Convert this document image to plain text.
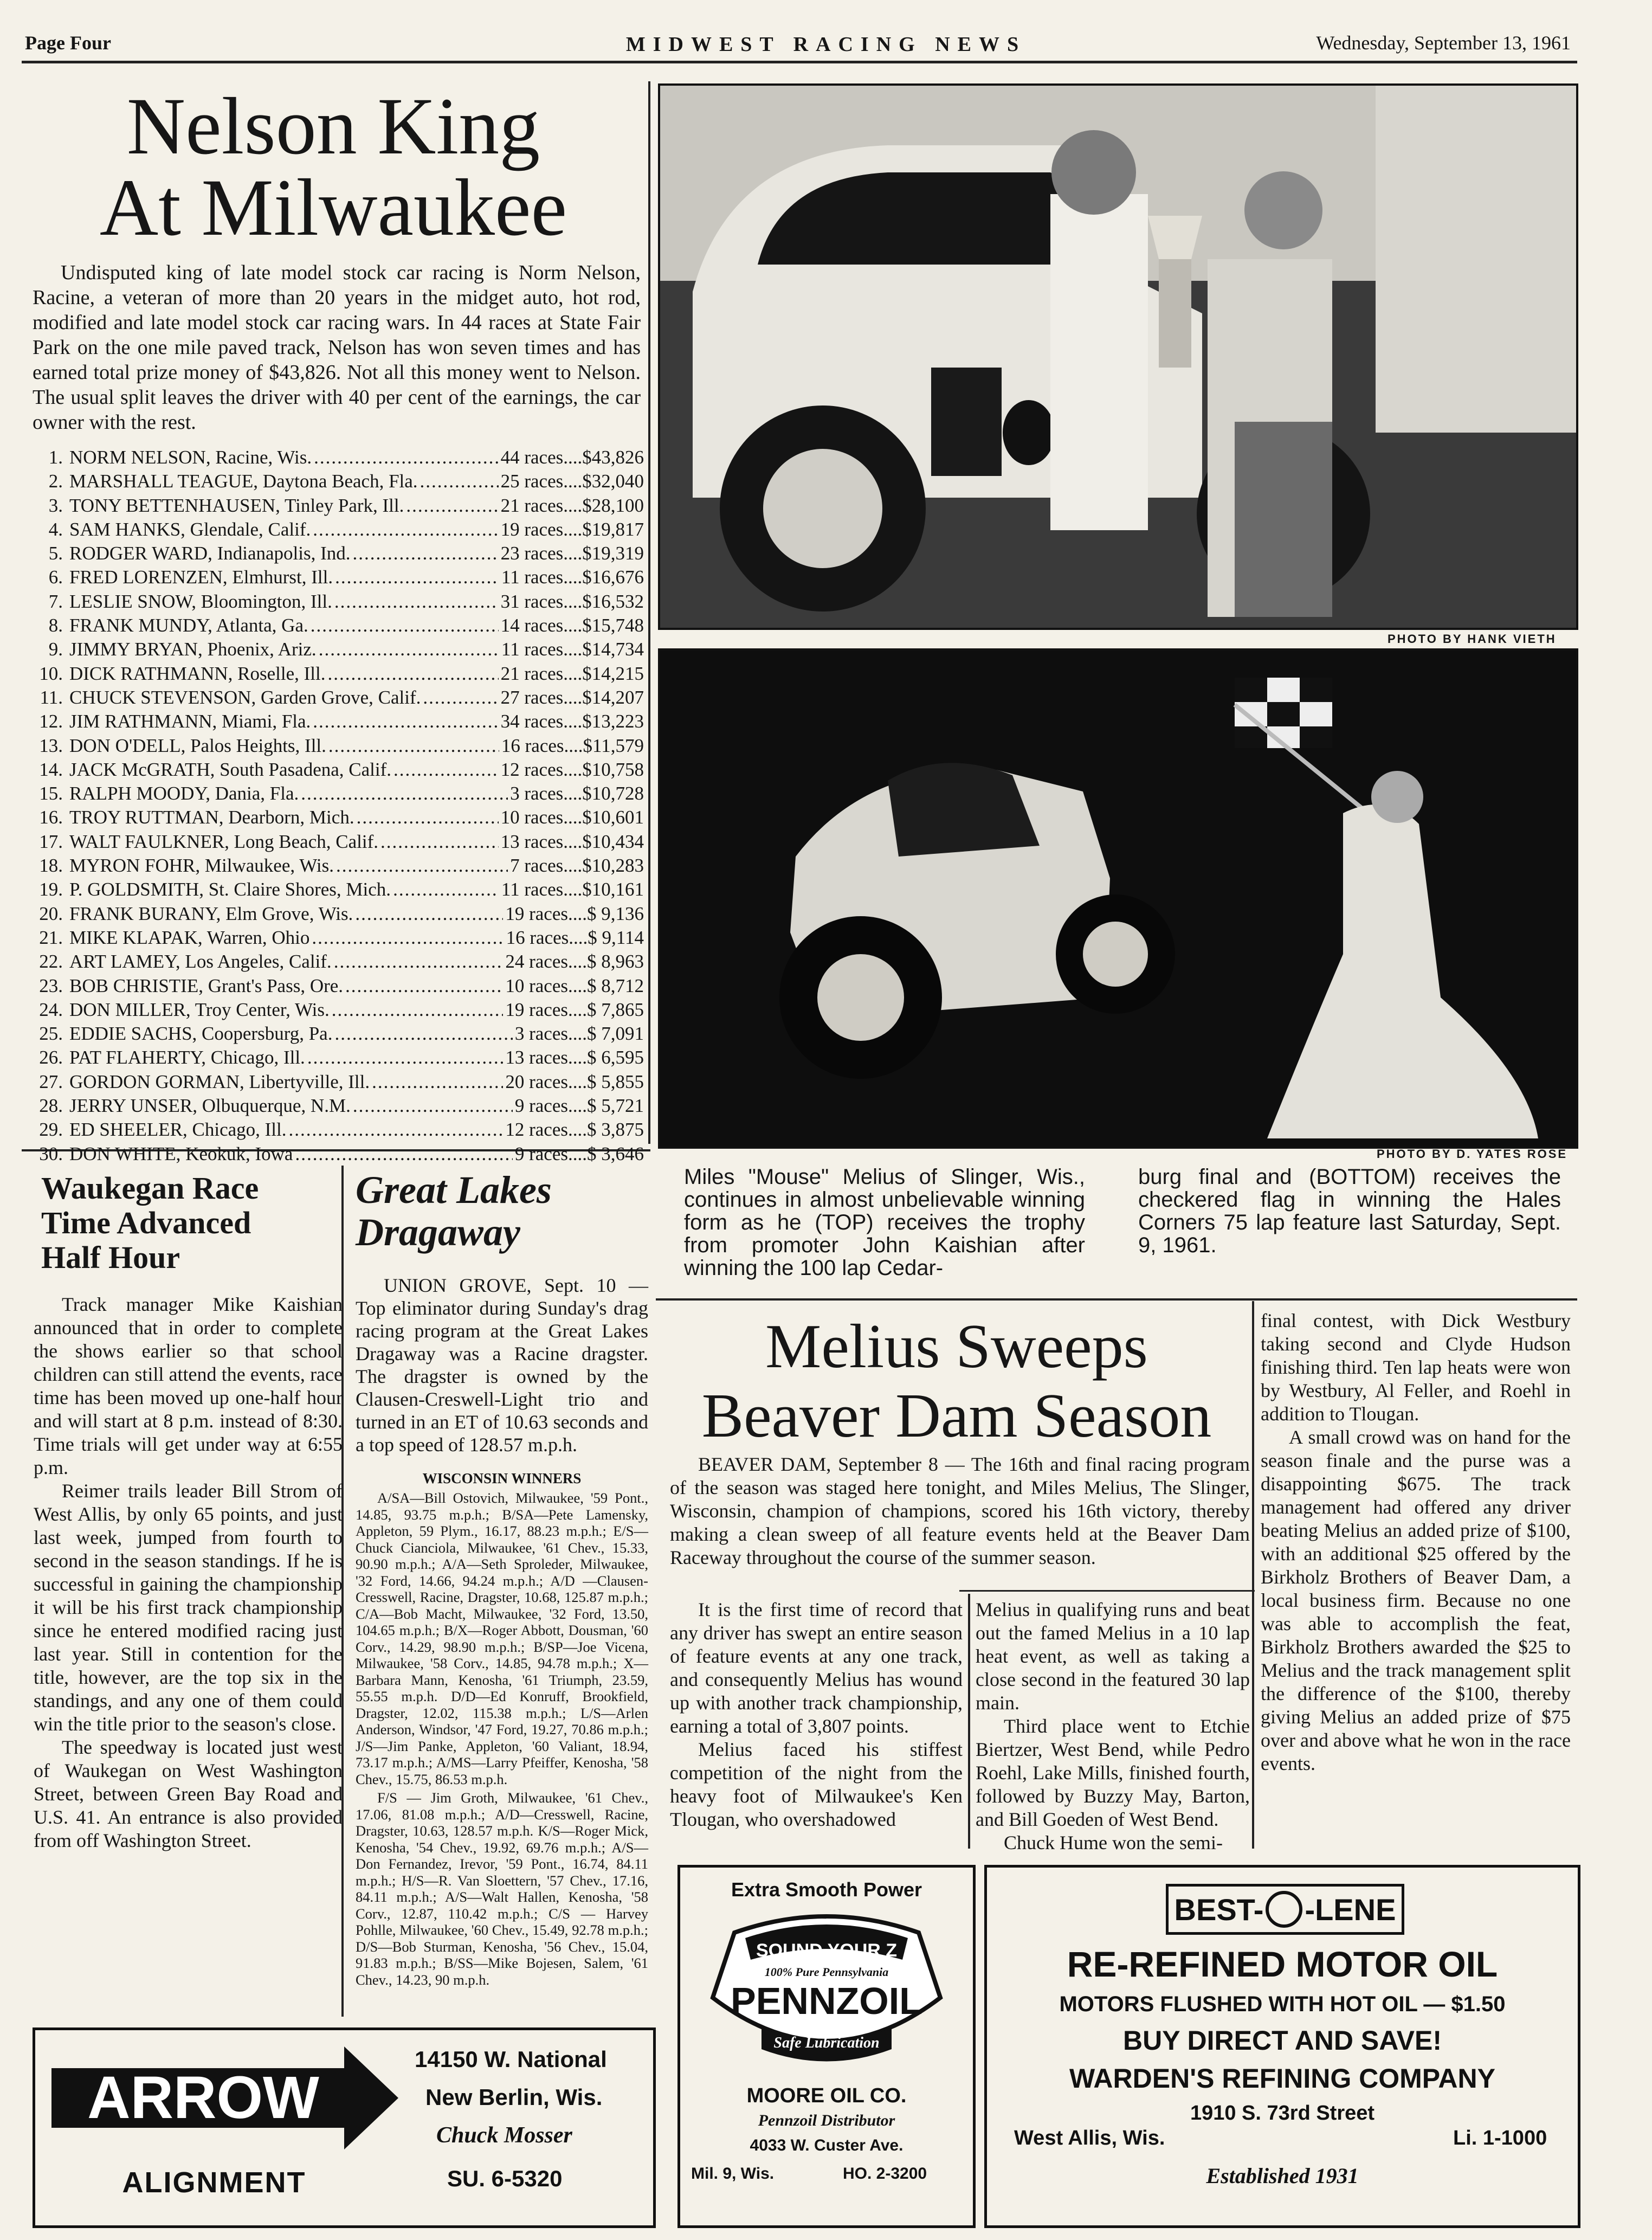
Page Four	MIDWEST RACING NEWS	Wednesday, September 13, 1961
Nelson King
At Milwaukee

Undisputed king of late model stock car racing is Norm Nelson, Racine, a veteran of more than 20 years in the midget auto, hot rod, modified and late model stock car racing wars. In 44 races at State Fair Park on the one mile paved track, Nelson has won seven times and has earned total prize money of $43,826. Not all this money went to Nelson. The usual split leaves the driver with 40 per cent of the earnings, the car owner with the rest.

1. NORM NELSON, Racine, Wis. .....	44 races .... $43,826
2. MARSHALL TEAGUE, Daytona Beach, Fla. .....	25 races .... $32,040
3. TONY BETTENHAUSEN, Tinley Park, Ill. .....	21 races .... $28,100
4. SAM HANKS, Glendale, Calif. .....	19 races .... $19,817
5. RODGER WARD, Indianapolis, Ind. .....	23 races .... $19,319
6. FRED LORENZEN, Elmhurst, Ill. .....	11 races .... $16,676
7. LESLIE SNOW, Bloomington, Ill. .....	31 races .... $16,532
8. FRANK MUNDY, Atlanta, Ga. .....	14 races .... $15,748
9. JIMMY BRYAN, Phoenix, Ariz. .....	11 races .... $14,734
10. DICK RATHMANN, Roselle, Ill. .....	21 races .... $14,215
11. CHUCK STEVENSON, Garden Grove, Calif. .....	27 races .... $14,207
12. JIM RATHMANN, Miami, Fla. .....	34 races .... $13,223
13. DON O'DELL, Palos Heights, Ill. .....	16 races .... $11,579
14. JACK McGRATH, South Pasadena, Calif. .....	12 races .... $10,758
15. RALPH MOODY, Dania, Fla. .....	3 races .... $10,728
16. TROY RUTTMAN, Dearborn, Mich. .....	10 races .... $10,601
17. WALT FAULKNER, Long Beach, Calif. .....	13 races .... $10,434
18. MYRON FOHR, Milwaukee, Wis. .....	7 races .... $10,283
19. P. GOLDSMITH, St. Claire Shores, Mich. .....	11 races .... $10,161
20. FRANK BURANY, Elm Grove, Wis. .....	19 races .... $ 9,136
21. MIKE KLAPAK, Warren, Ohio .....	16 races .... $ 9,114
22. ART LAMEY, Los Angeles, Calif. .....	24 races .... $ 8,963
23. BOB CHRISTIE, Grant's Pass, Ore. .....	10 races .... $ 8,712
24. DON MILLER, Troy Center, Wis. .....	19 races .... $ 7,865
25. EDDIE SACHS, Coopersburg, Pa. .....	3 races .... $ 7,091
26. PAT FLAHERTY, Chicago, Ill. .....	13 races .... $ 6,595
27. GORDON GORMAN, Libertyville, Ill. .....	20 races .... $ 5,855
28. JERRY UNSER, Olbuquerque, N.M. .....	9 races .... $ 5,721
29. ED SHEELER, Chicago, Ill. .....	12 races .... $ 3,875
30. DON WHITE, Keokuk, Iowa .....	9 races .... $ 3,646
PHOTO BY HANK VIETH
PHOTO BY D. YATES ROSE
Miles "Mouse" Melius of Slinger, Wis., continues in almost unbelievable winning form as he (TOP) receives the trophy from promoter John Kaishian after winning the 100 lap Cedar-
burg final and (BOTTOM) receives the checkered flag in winning the Hales Corners 75 lap feature last Saturday, Sept. 9, 1961.
Waukegan Race
Time Advanced
Half Hour

Track manager Mike Kaishian announced that in order to complete the shows earlier so that school children can still attend the events, race time has been moved up one-half hour and will start at 8 p.m. instead of 8:30. Time trials will get under way at 6:55 p.m.

Reimer trails leader Bill Strom of West Allis, by only 65 points, and just last week, jumped from fourth to second in the season standings. If he is successful in gaining the championship it will be his first track championship since he entered modified racing just last year. Still in contention for the title, however, are the top six in the standings, and any one of them could win the title prior to the season's close.

The speedway is located just west of Waukegan on West Washington Street, between Green Bay Road and U.S. 41. An entrance is also provided from off Washington Street.

Great Lakes
Dragaway

UNION GROVE, Sept. 10 — Top eliminator during Sunday's drag racing program at the Great Lakes Dragaway was a Racine dragster. The dragster is owned by the Clausen-Creswell-Light trio and turned in an ET of 10.63 seconds and a top speed of 128.57 m.p.h.

WISCONSIN WINNERS

A/SA—Bill Ostovich, Milwaukee, '59 Pont., 14.85, 93.75 m.p.h.; B/SA—Pete Lamensky, Appleton, 59 Plym., 16.17, 88.23 m.p.h.; E/S—Chuck Cianciola, Milwaukee, '61 Chev., 15.33, 90.90 m.p.h.; A/A—Seth Sproleder, Milwaukee, '32 Ford, 14.66, 94.24 m.p.h.; A/D —Clausen-Cresswell, Racine, Dragster, 10.68, 125.87 m.p.h.; C/A—Bob Macht, Milwaukee, '32 Ford, 13.50, 104.65 m.p.h.; B/X—Roger Abbott, Dousman, '60 Corv., 14.29, 98.90 m.p.h.; B/SP—Joe Vicena, Milwaukee, '58 Corv., 14.85, 94.78 m.p.h.; X—Barbara Mann, Kenosha, '61 Triumph, 23.59, 55.55 m.p.h. D/D—Ed Konruff, Brookfield, Dragster, 12.02, 115.38 m.p.h.; L/S—Arlen Anderson, Windsor, '47 Ford, 19.27, 70.86 m.p.h.; J/S—Jim Panke, Appleton, '60 Valiant, 18.94, 73.17 m.p.h.; A/MS—Larry Pfeiffer, Kenosha, '58 Chev., 15.75, 86.53 m.p.h.

F/S — Jim Groth, Milwaukee, '61 Chev., 17.06, 81.08 m.p.h.; A/D—Cresswell, Racine, Dragster, 10.63, 128.57 m.p.h. K/S—Roger Mick, Kenosha, '54 Chev., 19.92, 69.76 m.p.h.; A/S—Don Fernandez, Irevor, '59 Pont., 16.74, 84.11 m.p.h.; H/S—R. Van Sloettern, '57 Chev., 17.16, 84.11 m.p.h.; A/S—Walt Hallen, Kenosha, '58 Corv., 12.87, 110.42 m.p.h.; C/S — Harvey Pohlle, Milwaukee, '60 Chev., 15.49, 92.78 m.p.h.; D/S—Bob Sturman, Kenosha, '56 Chev., 15.04, 91.83 m.p.h.; B/SS—Mike Bojesen, Salem, '61 Chev., 14.23, 90 m.p.h.

Melius Sweeps
Beaver Dam Season

BEAVER DAM, September 8 — The 16th and final racing program of the season was staged here tonight, and Miles Melius, The Slinger, Wisconsin, champion of champions, scored his 16th victory, thereby making a clean sweep of all feature events held at the Beaver Dam Raceway throughout the course of the summer season.

It is the first time of record that any driver has swept an entire season of feature events at any one track, and consequently Melius has wound up with another track championship, earning a total of 3,807 points.

Melius faced his stiffest competition of the night from the heavy foot of Milwaukee's Ken Tlougan, who overshadowed

Melius in qualifying runs and beat out the famed Melius in a 10 lap heat event, as well as taking a close second in the featured 30 lap main.

Third place went to Etchie Biertzer, West Bend, while Pedro Roehl, Lake Mills, finished fourth, followed by Buzzy May, Barton, and Bill Goeden of West Bend.

Chuck Hume won the semi-

final contest, with Dick Westbury taking second and Clyde Hudson finishing third. Ten lap heats were won by Westbury, Al Feller, and Roehl in addition to Tlougan.

A small crowd was on hand for the season finale and the purse was a disappointing $675. The track management had offered any driver beating Melius an added prize of $100, with an additional $25 offered by the Birkholz Brothers of Beaver Dam, a local business firm. Because no one was able to accomplish the feat, Birkholz Brothers awarded the $25 to Melius and the track management split the difference of the $100, thereby giving Melius an added prize of $75 over and above what he won in the race events.

ARROW
ALIGNMENT
14150 W. National
New Berlin, Wis.
Chuck Mosser
SU. 6-5320
Extra Smooth Power
SOUND YOUR Z
100% Pure Pennsylvania
PENNZOIL
Safe Lubrication
MOORE OIL CO.
Pennzoil Distributor
4033 W. Custer Ave.
Mil. 9, Wis.	HO. 2-3200
BEST- -LENE
RE-REFINED MOTOR OIL
MOTORS FLUSHED WITH HOT OIL — $1.50
BUY DIRECT AND SAVE!
WARDEN'S REFINING COMPANY
1910 S. 73rd Street
West Allis, Wis.	Li. 1-1000
Established 1931
